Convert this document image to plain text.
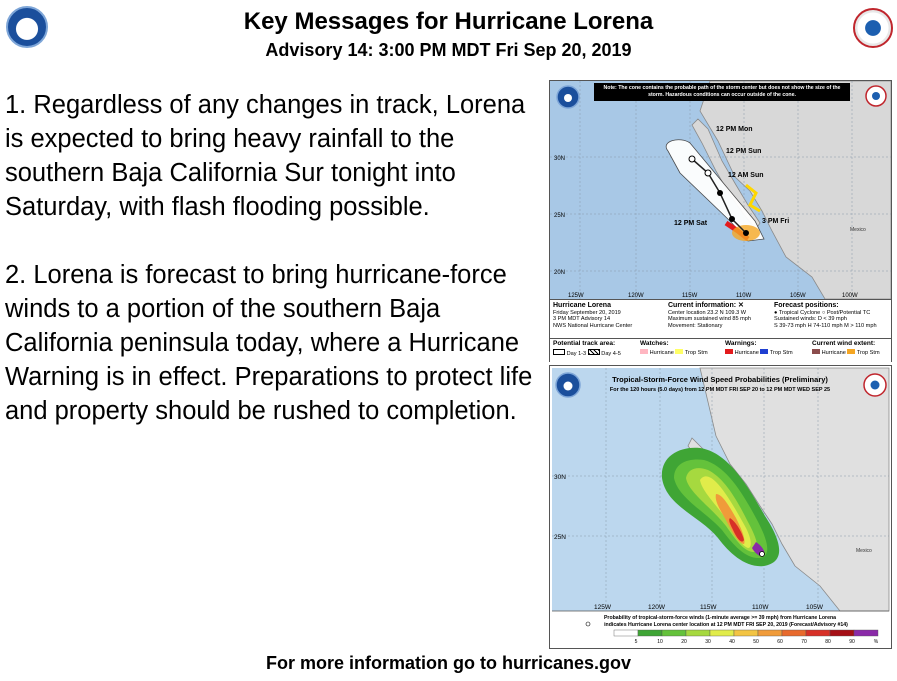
Key Messages for Hurricane Lorena
Advisory 14: 3:00 PM MDT Fri Sep 20, 2019

1. Regardless of any changes in track, Lorena is expected to bring heavy rainfall to the southern Baja California Sur tonight into Saturday, with flash flooding possible.

2. Lorena is forecast to bring hurricane-force winds to a portion of the southern Baja California peninsula today, where a Hurricane Warning is in effect. Preparations to protect life and property should be rushed to completion.

12 PM Mon
12 PM Sun
12 AM Sun
12 PM Sat	3 PM Fri
Mexico
30N
25N
20N
125W	120W	115W	110W	105W	100W
Note: The cone contains the probable path of the storm center but does not show the size of the storm. Hazardous conditions can occur outside of the cone.
Hurricane Lorena
Friday September 20, 2019
3 PM MDT Advisory 14
NWS National Hurricane Center
Current information: ✕
Center location 23.2 N 109.3 W
Maximum sustained wind 85 mph
Movement: Stationary
Forecast positions:
● Tropical Cyclone ○ Post/Potential TC
Sustained winds: D < 39 mph
S 39-73 mph H 74-110 mph M > 110 mph
Potential track area:
Day 1-3	Day 4-5
Watches:
Hurricane Trop Stm
Warnings:
Hurricane Trop Stm
Current wind extent:
Hurricane Trop Stm
Mexico
30N
25N
125W	120W	115W	110W	105W
Tropical-Storm-Force Wind Speed Probabilities (Preliminary)
For the 120 hours (5.0 days) from 12 PM MDT FRI SEP 20 to 12 PM MDT WED SEP 25
Probability of tropical-storm-force winds (1-minute average >= 39 mph) from Hurricane Lorena
indicates Hurricane Lorena center location at 12 PM MDT FRI SEP 20, 2019 (Forecast/Advisory #14)
5	10	20	30	40	50	60	70	80	90	%
For more information go to hurricanes.gov
